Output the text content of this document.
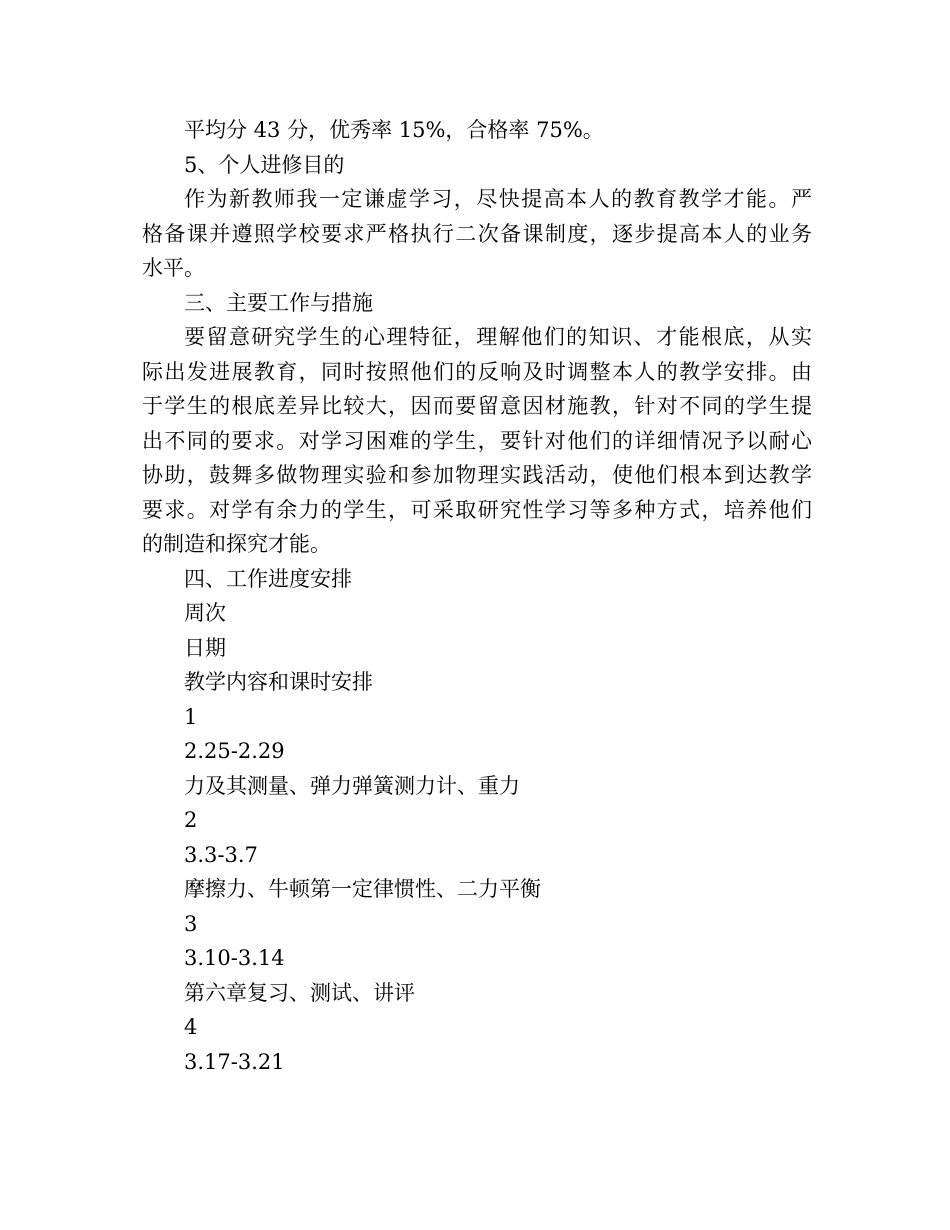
平均分 43 分，优秀率 15%，合格率 75%。
5、个人进修目的
作为新教师我一定谦虚学习，尽快提高本人的教育教学才能。严
格备课并遵照学校要求严格执行二次备课制度，逐步提高本人的业务
水平。
三、主要工作与措施
要留意研究学生的心理特征，理解他们的知识、才能根底，从实
际出发进展教育，同时按照他们的反响及时调整本人的教学安排。由
于学生的根底差异比较大，因而要留意因材施教，针对不同的学生提
出不同的要求。对学习困难的学生，要针对他们的详细情况予以耐心
协助，鼓舞多做物理实验和参加物理实践活动，使他们根本到达教学
要求。对学有余力的学生，可采取研究性学习等多种方式，培养他们
的制造和探究才能。
四、工作进度安排
周次
日期
教学内容和课时安排
1
2.25-2.29
力及其测量、弹力弹簧测力计、重力
2
3.3-3.7
摩擦力、牛顿第一定律惯性、二力平衡
3
3.10-3.14
第六章复习、测试、讲评
4
3.17-3.21
